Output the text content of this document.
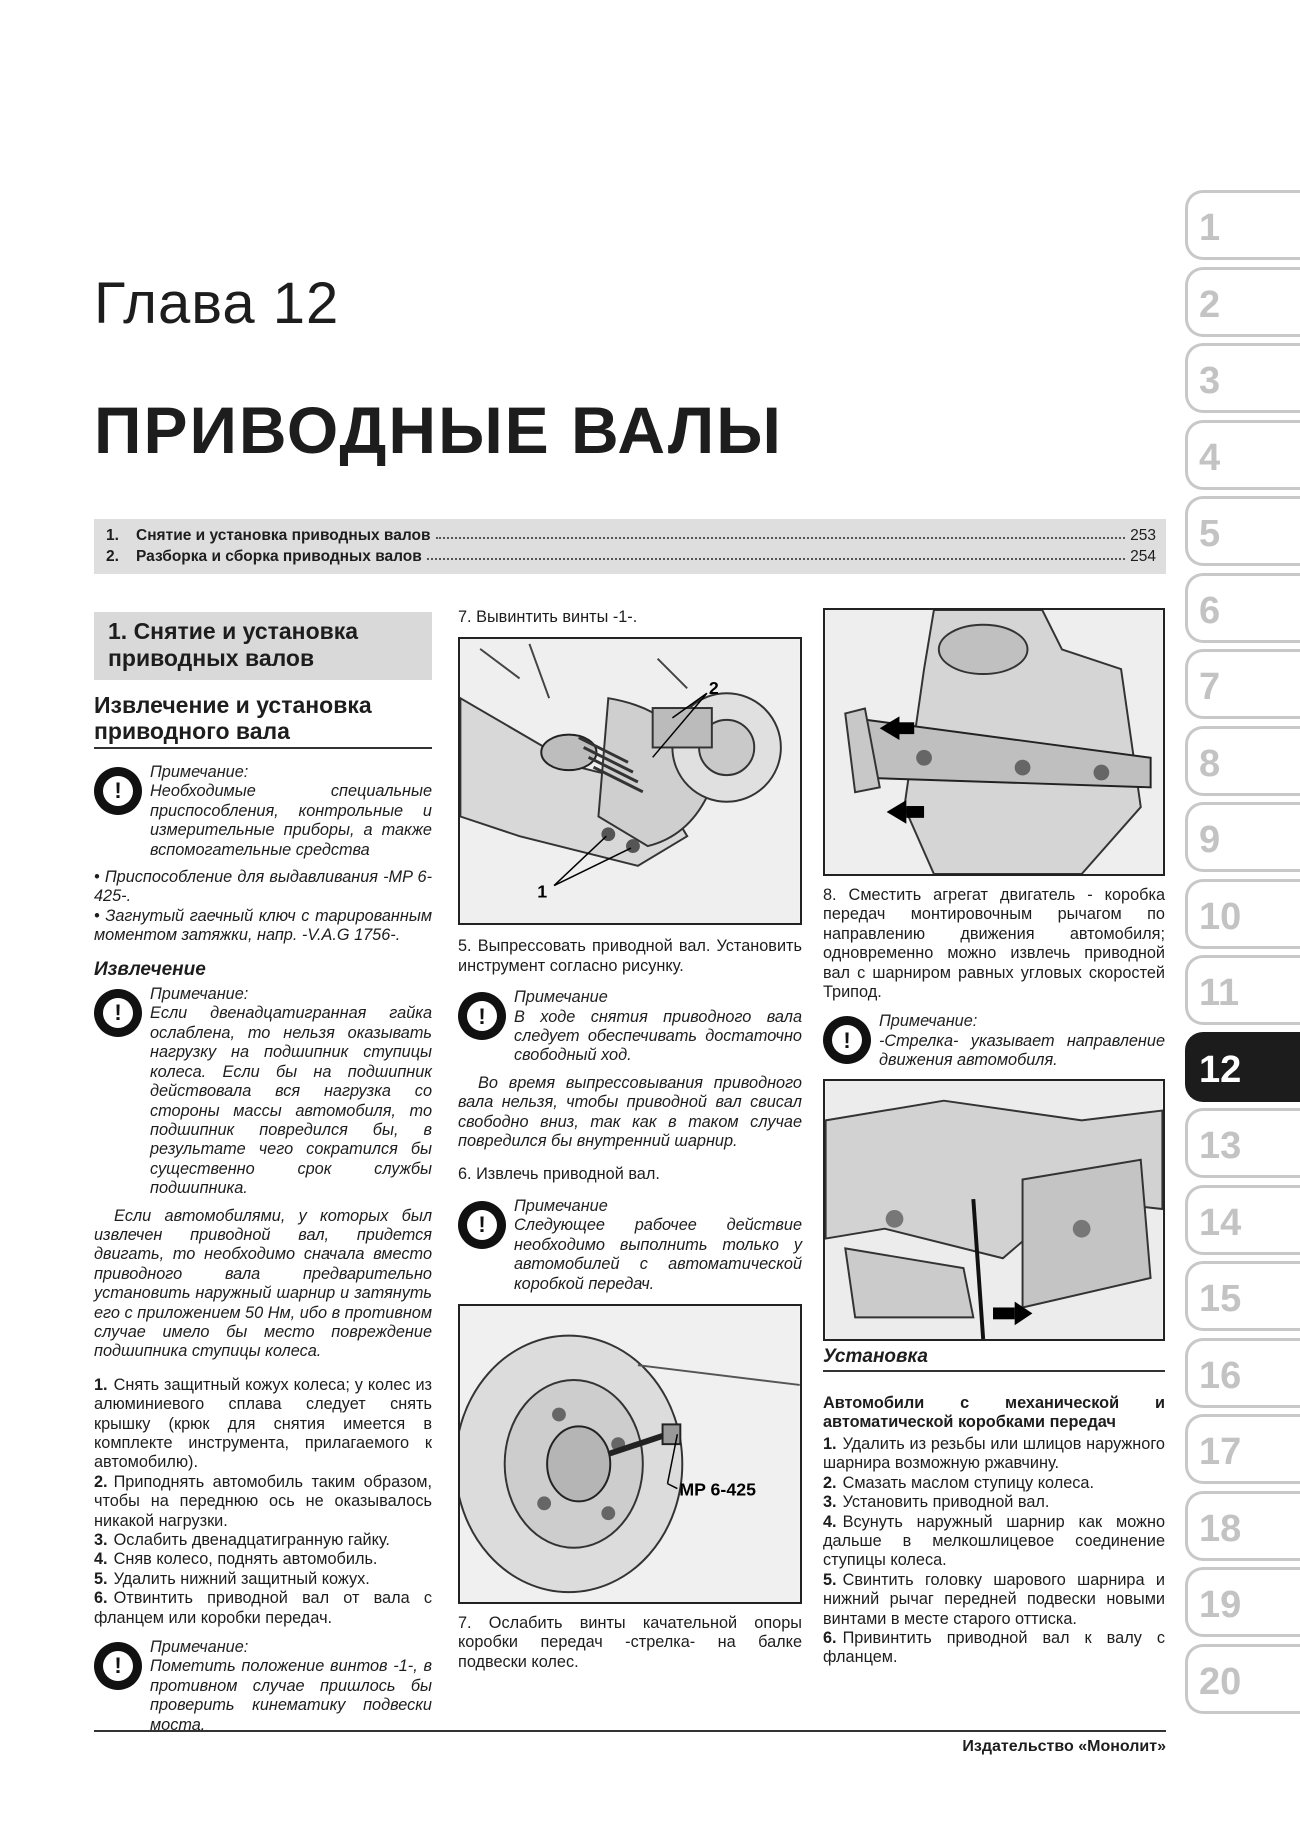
Глава 12
ПРИВОДНЫЕ ВАЛЫ
1.	Снятие и установка приводных валов	253
2.	Разборка и сборка приводных валов	254
1
2
3
4
5
6
7
8
9
10
11
12
13
14
15
16
17
18
19
20
1. Снятие и установка приводных валов
Извлечение и установка приводного вала
!
Примечание:

Необходимые специальные приспособления, контрольные и измерительные приборы, а также вспомогательные средства

• Приспособление для выдавливания -MP 6-425-.

• Загнутый гаечный ключ с тарированным моментом затяжки, напр. -V.A.G 1756-.

Извлечение
!
Примечание:

Если двенадцатигранная гайка ослаблена, то нельзя оказывать нагрузку на подшипник ступицы колеса. Если бы на подшипник действовала вся нагрузка со стороны массы автомобиля, то подшипник повредился бы, в результате чего сократился бы существенно срок службы подшипника.

Если автомобилями, у которых был извлечен приводной вал, придется двигать, то необходимо сначала вместо приводного вала предварительно установить наружный шарнир и затянуть его с приложением 50 Нм, ибо в противном случае имело бы место повреждение подшипника ступицы колеса.

1. Снять защитный кожух колеса; у колес из алюминиевого сплава следует снять крышку (крюк для снятия имеется в комплекте инструмента, прилагаемого к автомобилю).

2. Приподнять автомобиль таким образом, чтобы на переднюю ось не оказывалось никакой нагрузки.

3. Ослабить двенадцатигранную гайку.

4. Сняв колесо, поднять автомобиль.

5. Удалить нижний защитный кожух.

6. Отвинтить приводной вал от вала с фланцем или коробки передач.

!
Примечание:

Пометить положение винтов -1-, в противном случае пришлось бы проверить кинематику подвески моста.

7. Вывинтить винты -1-.

1
2

5. Выпрессовать приводной вал. Установить инструмент согласно рисунку.

!
Примечание

В ходе снятия приводного вала следует обеспечивать достаточно свободный ход.

Во время выпрессовывания приводного вала нельзя, чтобы приводной вал свисал свободно вниз, так как в таком случае повредился бы внутренний шарнир.

6. Извлечь приводной вал.

!
Примечание

Следующее рабочее действие необходимо выполнить только у автомобилей с автоматической коробкой передач.

MP 6-425

7. Ослабить винты качательной опоры коробки передач -стрелка- на балке подвески колес.

8. Сместить агрегат двигатель - коробка передач монтировочным рычагом по направлению движения автомобиля; одновременно можно извлечь приводной вал с шарниром равных угловых скоростей Трипод.

!
Примечание:

-Стрелка- указывает направление движения автомобиля.

Установка

Автомобили с механической и автоматической коробками передач

1. Удалить из резьбы или шлицов наружного шарнира возможную ржавчину.

2. Смазать маслом ступицу колеса.

3. Установить приводной вал.

4. Всунуть наружный шарнир как можно дальше в мелкошлицевое соединение ступицы колеса.

5. Свинтить головку шарового шарнира и нижний рычаг передней подвески новыми винтами в месте старого оттиска.

6. Привинтить приводной вал к валу с фланцем.

Издательство «Монолит»
